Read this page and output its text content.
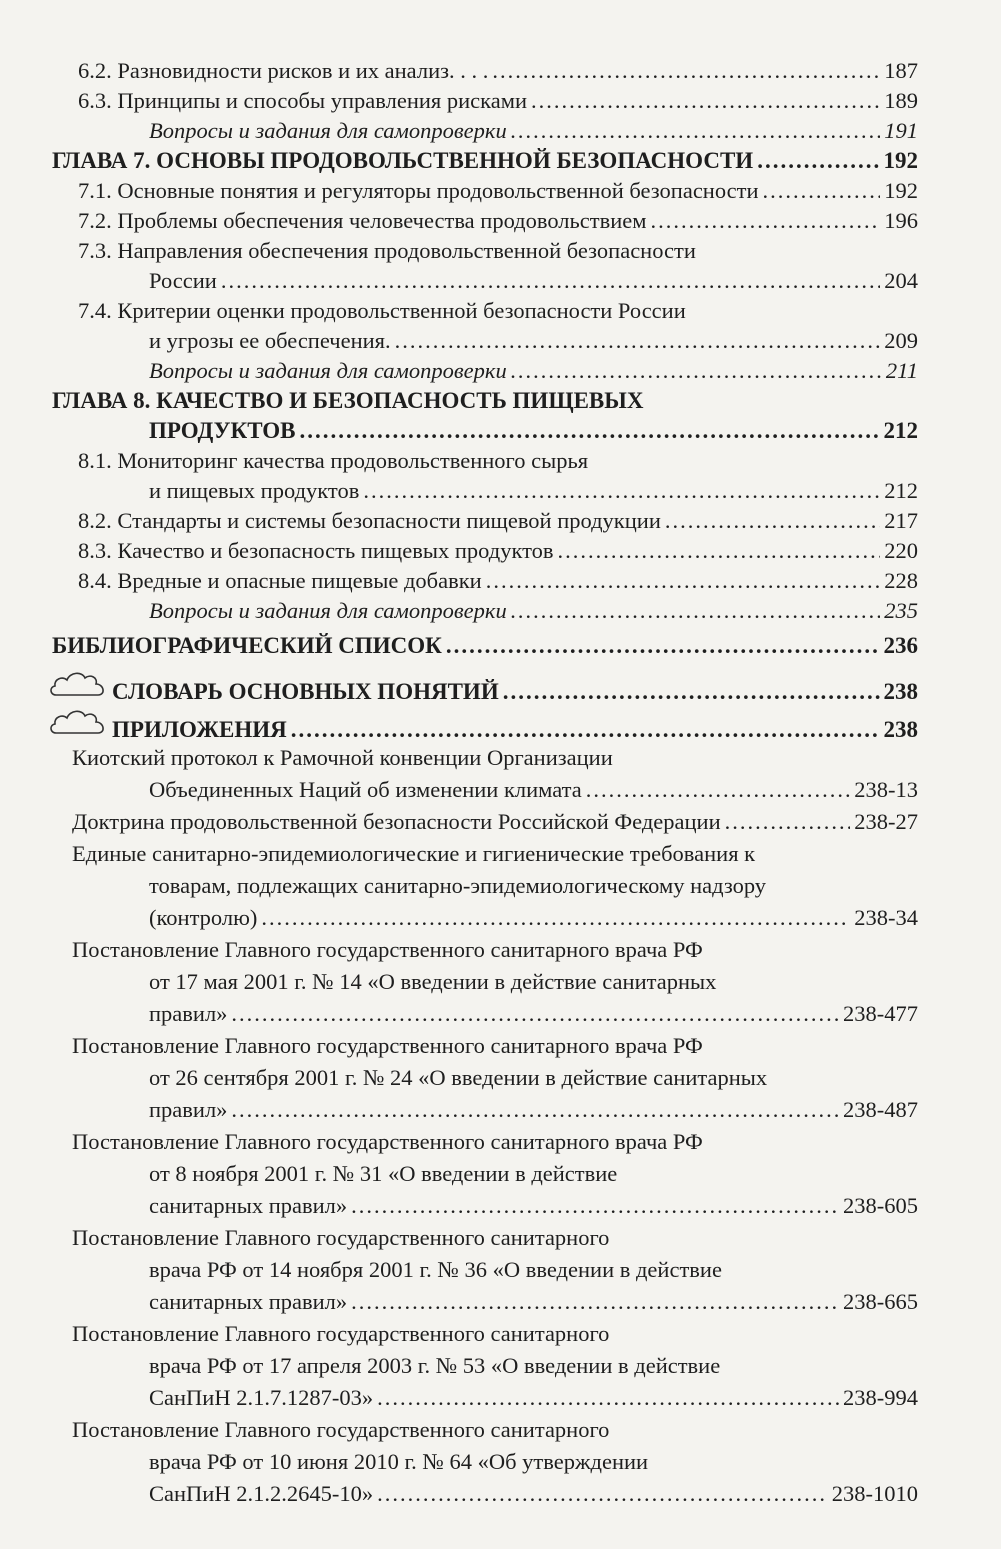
6.2. Разновидности рисков и их анализ. . . . .....	187
6.3. Принципы и способы управления рисками .....	189
Вопросы и задания для самопроверки .....	191
ГЛАВА 7. ОСНОВЫ ПРОДОВОЛЬСТВЕННОЙ БЕЗОПАСНОСТИ .....	192
7.1. Основные понятия и регуляторы продовольственной безопасности .....	192
7.2. Проблемы обеспечения человечества продовольствием .....	196
7.3. Направления обеспечения продовольственной безопасности
России .....	204
7.4. Критерии оценки продовольственной безопасности России
и угрозы ее обеспечения. .....	209
Вопросы и задания для самопроверки .....	211
ГЛАВА 8. КАЧЕСТВО И БЕЗОПАСНОСТЬ ПИЩЕВЫХ
ПРОДУКТОВ .....	212
8.1. Мониторинг качества продовольственного сырья
и пищевых продуктов .....	212
8.2. Стандарты и системы безопасности пищевой продукции .....	217
8.3. Качество и безопасность пищевых продуктов .....	220
8.4. Вредные и опасные пищевые добавки .....	228
Вопросы и задания для самопроверки .....	235
БИБЛИОГРАФИЧЕСКИЙ СПИСОК .....	236
СЛОВАРЬ ОСНОВНЫХ ПОНЯТИЙ .....	238
ПРИЛОЖЕНИЯ .....	238
Киотский протокол к Рамочной конвенции Организации
Объединенных Наций об изменении климата .....	238-13
Доктрина продовольственной безопасности Российской Федерации .....	238-27
Единые санитарно-эпидемиологические и гигиенические требования к
товарам, подлежащих санитарно-эпидемиологическому надзору
(контролю) .....	238-34
Постановление Главного государственного санитарного врача РФ
от 17 мая 2001 г. № 14 «О введении в действие санитарных
правил» .....	238-477
Постановление Главного государственного санитарного врача РФ
от 26 сентября 2001 г. № 24 «О введении в действие санитарных
правил» .....	238-487
Постановление Главного государственного санитарного врача РФ
от 8 ноября 2001 г. № 31 «О введении в действие
санитарных правил» .....	238-605
Постановление Главного государственного санитарного
врача РФ от 14 ноября 2001 г. № 36 «О введении в действие
санитарных правил» .....	238-665
Постановление Главного государственного санитарного
врача РФ от 17 апреля 2003 г. № 53 «О введении в действие
СанПиН 2.1.7.1287-03» .....	238-994
Постановление Главного государственного санитарного
врача РФ от 10 июня 2010 г. № 64 «Об утверждении
СанПиН 2.1.2.2645-10» .....	238-1010
